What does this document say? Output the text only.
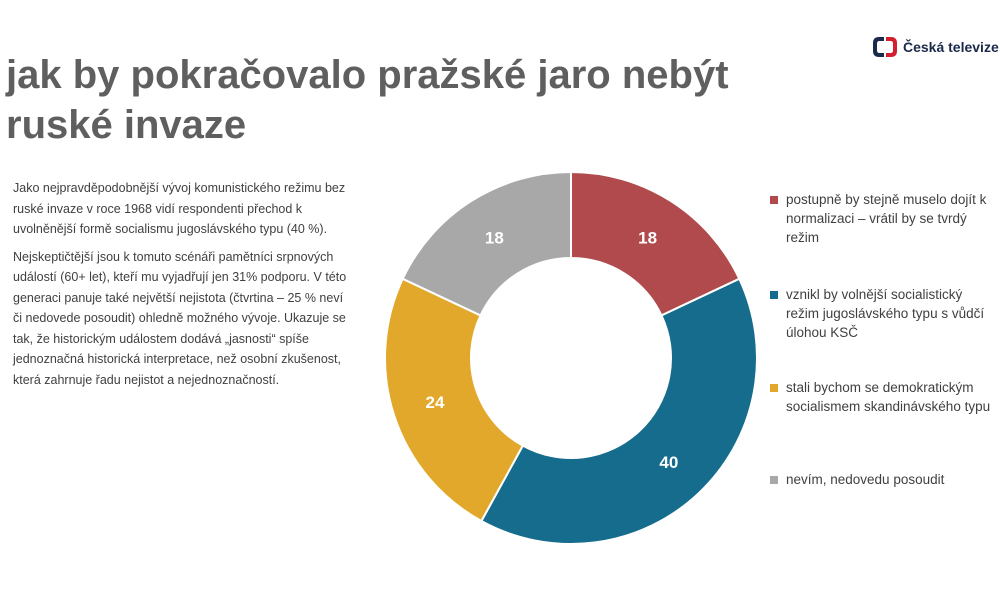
Česká televize
jak by pokračovalo pražské jaro nebýt ruské invaze

Jako nejpravděpodobnější vývoj komunistického režimu bez ruské invaze v roce 1968 vidí respondenti přechod k uvolněnější formě socialismu jugoslávského typu (40 %).

Nejskeptičtější jsou k tomuto scénáři pamětníci srpnových událostí (60+ let), kteří mu vyjadřují jen 31% podporu. V této generaci panuje také největší nejistota (čtvrtina – 25 % neví či nedovede posoudit) ohledně možného vývoje. Ukazuje se tak, že historickým událostem dodává „jasnosti“ spíše jednoznačná historická interpretace, než osobní zkušenost, která zahrnuje řadu nejistot a nejednoznačností.

18
40
24
18
postupně by stejně muselo dojít k normalizaci – vrátil by se tvrdý režim
vznikl by volnější socialistický režim jugoslávského typu s vůdčí úlohou KSČ
stali bychom se demokratickým socialismem skandinávského typu
nevím, nedovedu posoudit
